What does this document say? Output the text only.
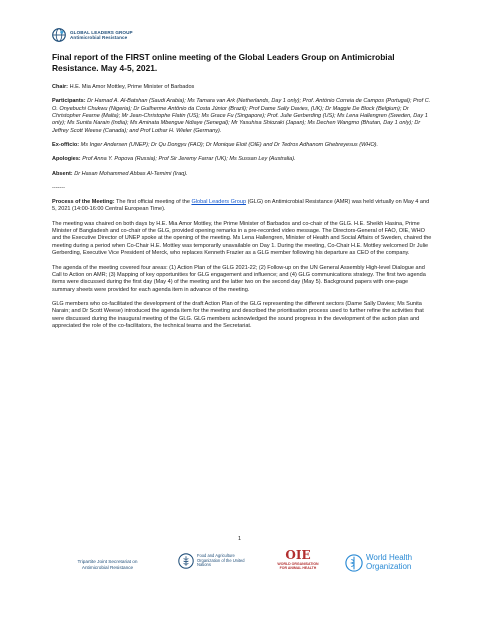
GLOBAL LEADERS GROUP
Antimicrobial Resistance
Final report of the FIRST online meeting of the Global Leaders Group on Antimicrobial Resistance. May 4-5, 2021.

Chair: H.E. Mia Amor Mottley, Prime Minister of Barbados

Participants: Dr Hamad A. Al-Batshan (Saudi Arabia); Ms Tamara van Ark (Netherlands, Day 1 only); Prof. António Correia de Campos (Portugal); Prof C. O. Onyebuchi Chukwu (Nigeria); Dr Guilherme Antônio da Costa Júnior (Brazil); Prof Dame Sally Davies, (UK); Dr Maggie De Block (Belgium); Dr Christopher Fearne (Malta); Mr Jean-Christophe Flatin (US); Ms Grace Fu (Singapore); Prof. Julie Gerberding (US); Ms Lena Hallengren (Sweden, Day 1 only); Ms Sunita Narain (India); Ms Aminata Mbengue Ndiaye (Senegal); Mr Yasuhisa Shiozaki (Japan); Ms Dechen Wangmo (Bhutan, Day 1 only); Dr Jeffrey Scott Weese (Canada); and Prof Lothar H. Wieler (Germany).

Ex-officio: Ms Inger Andersen (UNEP); Dr Qu Dongyu (FAO); Dr Monique Eloit (OIE) and Dr Tedros Adhanom Ghebreyesus (WHO).

Apologies: Prof Anna Y. Popova (Russia); Prof Sir Jeremy Farrar (UK); Ms Sussan Ley (Australia).

Absent: Dr Hasan Mohammed Abbas Al-Temimi (Iraq).

-------

Process of the Meeting: The first official meeting of the Global Leaders Group (GLG) on Antimicrobial Resistance (AMR) was held virtually on May 4 and 5, 2021 (14:00-16:00 Central European Time).

The meeting was chaired on both days by H.E. Mia Amor Mottley, the Prime Minister of Barbados and co-chair of the GLG. H.E. Sheikh Hasina, Prime Minister of Bangladesh and co-chair of the GLG, provided opening remarks in a pre-recorded video message. The Directors-General of FAO, OIE, WHO and the Executive Director of UNEP spoke at the opening of the meeting. Ms Lena Hallengren, Minister of Health and Social Affairs of Sweden, chaired the meeting during a period when Co-Chair H.E. Mottley was temporarily unavailable on Day 1. During the meeting, Co-Chair H.E. Mottley welcomed Dr Julie Gerberding, Executive Vice President of Merck, who replaces Kenneth Frazier as a GLG member following his departure as CEO of the company.

The agenda of the meeting covered four areas: (1) Action Plan of the GLG 2021-22; (2) Follow-up on the UN General Assembly High-level Dialogue and Call to Action on AMR; (3) Mapping of key opportunities for GLG engagement and influence; and (4) GLG communications strategy. The first two agenda items were discussed during the first day (May 4) of the meeting and the latter two on the second day (May 5). Background papers with one-page summary sheets were provided for each agenda item in advance of the meeting.

GLG members who co-facilitated the development of the draft Action Plan of the GLG representing the different sectors (Dame Sally Davies; Ms Sunita Narain; and Dr Scott Weese) introduced the agenda item for the meeting and described the prioritisation process used to further refine the activities that were discussed during the inaugural meeting of the GLG. GLG members acknowledged the sound progress in the development of the action plan and appreciated the role of the co-facilitators, the technical teams and the Secretariat.

1
Tripartite Joint Secretariat on
Antimicrobial Resistance
Food and Agriculture Organization of the United Nations
OIE
WORLD ORGANISATION
FOR ANIMAL HEALTH
World Health
Organization
